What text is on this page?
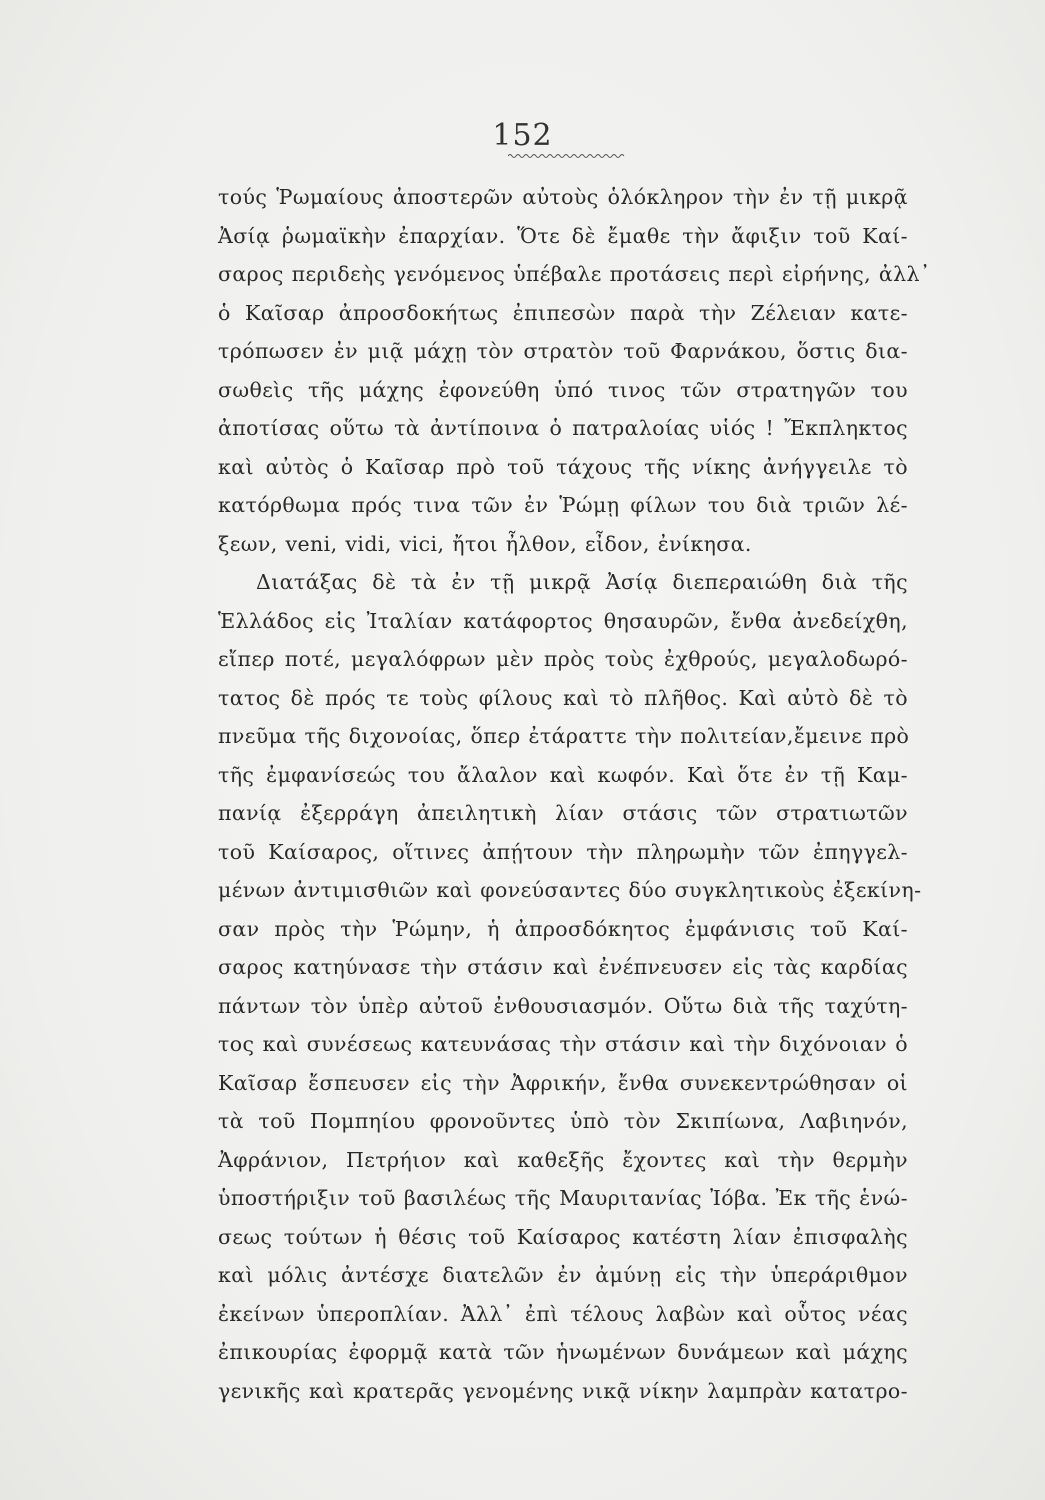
152
τούς Ῥωμαίους ἀποστερῶν αὐτοὺς ὁλόκληρον τὴν ἐν τῇ μικρᾷ
Ἀσίᾳ ῥωμαϊκὴν ἐπαρχίαν. Ὅτε δὲ ἔμαθε τὴν ἄφιξιν τοῦ Καί-
σαρος περιδεὴς γενόμενος ὑπέβαλε προτάσεις περὶ εἰρήνης, ἀλλ᾽
ὁ Καῖσαρ ἀπροσδοκήτως ἐπιπεσὼν παρὰ τὴν Ζέλειαν κατε-
τρόπωσεν ἐν μιᾷ μάχῃ τὸν στρατὸν τοῦ Φαρνάκου, ὅστις δια-
σωθεὶς τῆς μάχης ἐφονεύθη ὑπό τινος τῶν στρατηγῶν του
ἀποτίσας οὕτω τὰ ἀντίποινα ὁ πατραλοίας υἱός ! Ἔκπληκτος
καὶ αὐτὸς ὁ Καῖσαρ πρὸ τοῦ τάχους τῆς νίκης ἀνήγγειλε τὸ
κατόρθωμα πρός τινα τῶν ἐν Ῥώμῃ φίλων του διὰ τριῶν λέ-
ξεων, veni, vidi, vici, ἤτοι ἦλθον, εἶδον, ἐνίκησα.
Διατάξας δὲ τὰ ἐν τῇ μικρᾷ Ἀσίᾳ διεπεραιώθη διὰ τῆς
Ἑλλάδος εἰς Ἰταλίαν κατάφορτος θησαυρῶν, ἔνθα ἀνεδείχθη,
εἴπερ ποτέ, μεγαλόφρων μὲν πρὸς τοὺς ἐχθρούς, μεγαλοδωρό-
τατος δὲ πρός τε τοὺς φίλους καὶ τὸ πλῆθος. Καὶ αὐτὸ δὲ τὸ
πνεῦμα τῆς διχονοίας, ὅπερ ἐτάραττε τὴν πολιτείαν,ἔμεινε πρὸ
τῆς ἐμφανίσεώς του ἄλαλον καὶ κωφόν. Καὶ ὅτε ἐν τῇ Καμ-
πανίᾳ ἐξερράγη ἀπειλητικὴ λίαν στάσις τῶν στρατιωτῶν
τοῦ Καίσαρος, οἵτινες ἀπῄτουν τὴν πληρωμὴν τῶν ἐπηγγελ-
μένων ἀντιμισθιῶν καὶ φονεύσαντες δύο συγκλητικοὺς ἐξεκίνη-
σαν πρὸς τὴν Ῥώμην, ἡ ἀπροσδόκητος ἐμφάνισις τοῦ Καί-
σαρος κατηύνασε τὴν στάσιν καὶ ἐνέπνευσεν εἰς τὰς καρδίας
πάντων τὸν ὑπὲρ αὐτοῦ ἐνθουσιασμόν. Οὕτω διὰ τῆς ταχύτη-
τος καὶ συνέσεως κατευνάσας τὴν στάσιν καὶ τὴν διχόνοιαν ὁ
Καῖσαρ ἔσπευσεν εἰς τὴν Ἀφρικήν, ἔνθα συνεκεντρώθησαν οἱ
τὰ τοῦ Πομπηίου φρονοῦντες ὑπὸ τὸν Σκιπίωνα, Λαβιηνόν,
Ἀφράνιον, Πετρήιον καὶ καθεξῆς ἔχοντες καὶ τὴν θερμὴν
ὑποστήριξιν τοῦ βασιλέως τῆς Μαυριτανίας Ἰόβα. Ἐκ τῆς ἑνώ-
σεως τούτων ἡ θέσις τοῦ Καίσαρος κατέστη λίαν ἐπισφαλὴς
καὶ μόλις ἀντέσχε διατελῶν ἐν ἀμύνῃ εἰς τὴν ὑπεράριθμον
ἐκείνων ὑπεροπλίαν. Ἀλλ᾽ ἐπὶ τέλους λαβὼν καὶ οὗτος νέας
ἐπικουρίας ἐφορμᾷ κατὰ τῶν ἡνωμένων δυνάμεων καὶ μάχης
γενικῆς καὶ κρατερᾶς γενομένης νικᾷ νίκην λαμπρὰν κατατρο-
